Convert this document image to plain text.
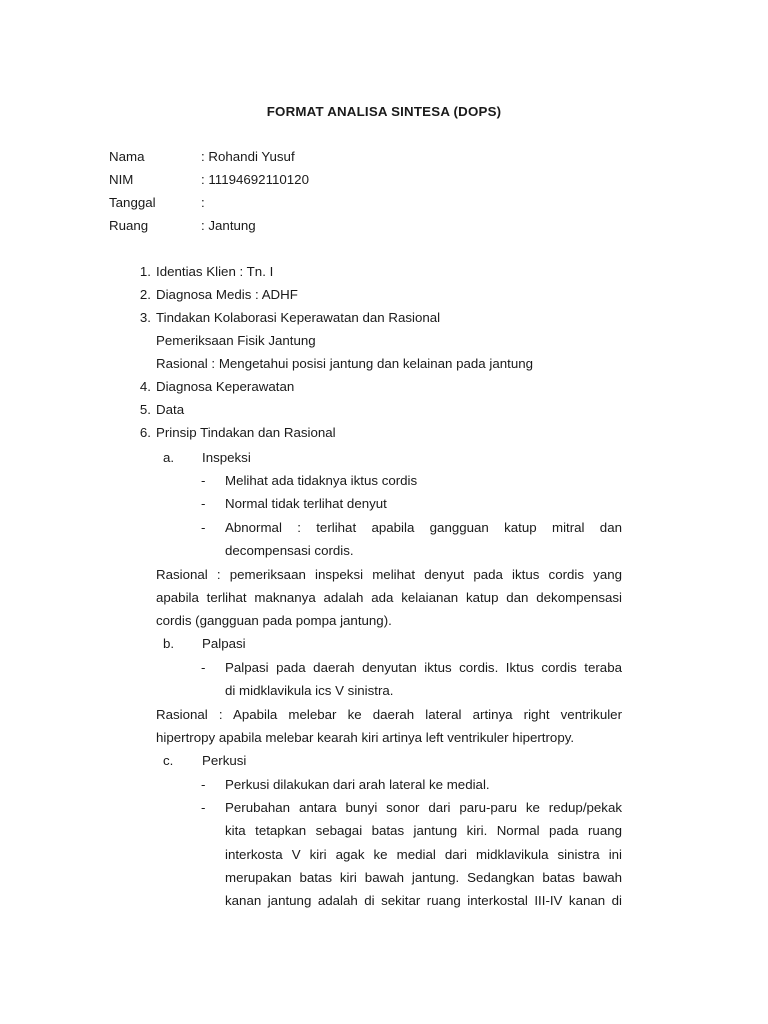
FORMAT ANALISA SINTESA (DOPS)
Nama	: Rohandi Yusuf
NIM	: 11194692110120
Tanggal	:
Ruang	: Jantung
1. Identias Klien : Tn. I
2. Diagnosa Medis : ADHF
3. Tindakan Kolaborasi Keperawatan dan Rasional
Pemeriksaan Fisik Jantung
Rasional : Mengetahui posisi jantung dan kelainan pada jantung
4. Diagnosa Keperawatan
5. Data
6. Prinsip Tindakan dan Rasional
a. Inspeksi
- Melihat ada tidaknya iktus cordis
- Normal tidak terlihat denyut
- Abnormal : terlihat apabila gangguan katup mitral dan
decompensasi cordis.
Rasional : pemeriksaan inspeksi melihat denyut pada iktus cordis yang
apabila terlihat maknanya adalah ada kelaianan katup dan dekompensasi
cordis (gangguan pada pompa jantung).
b. Palpasi
- Palpasi pada daerah denyutan iktus cordis. Iktus cordis teraba
di midklavikula ics V sinistra.
Rasional : Apabila melebar ke daerah lateral artinya right ventrikuler
hipertropy apabila melebar kearah kiri artinya left ventrikuler hipertropy.
c. Perkusi
- Perkusi dilakukan dari arah lateral ke medial.
- Perubahan antara bunyi sonor dari paru-paru ke redup/pekak
kita tetapkan sebagai batas jantung kiri. Normal pada ruang
interkosta V kiri agak ke medial dari midklavikula sinistra ini
merupakan batas kiri bawah jantung. Sedangkan batas bawah
kanan jantung adalah di sekitar ruang interkostal III-IV kanan di
